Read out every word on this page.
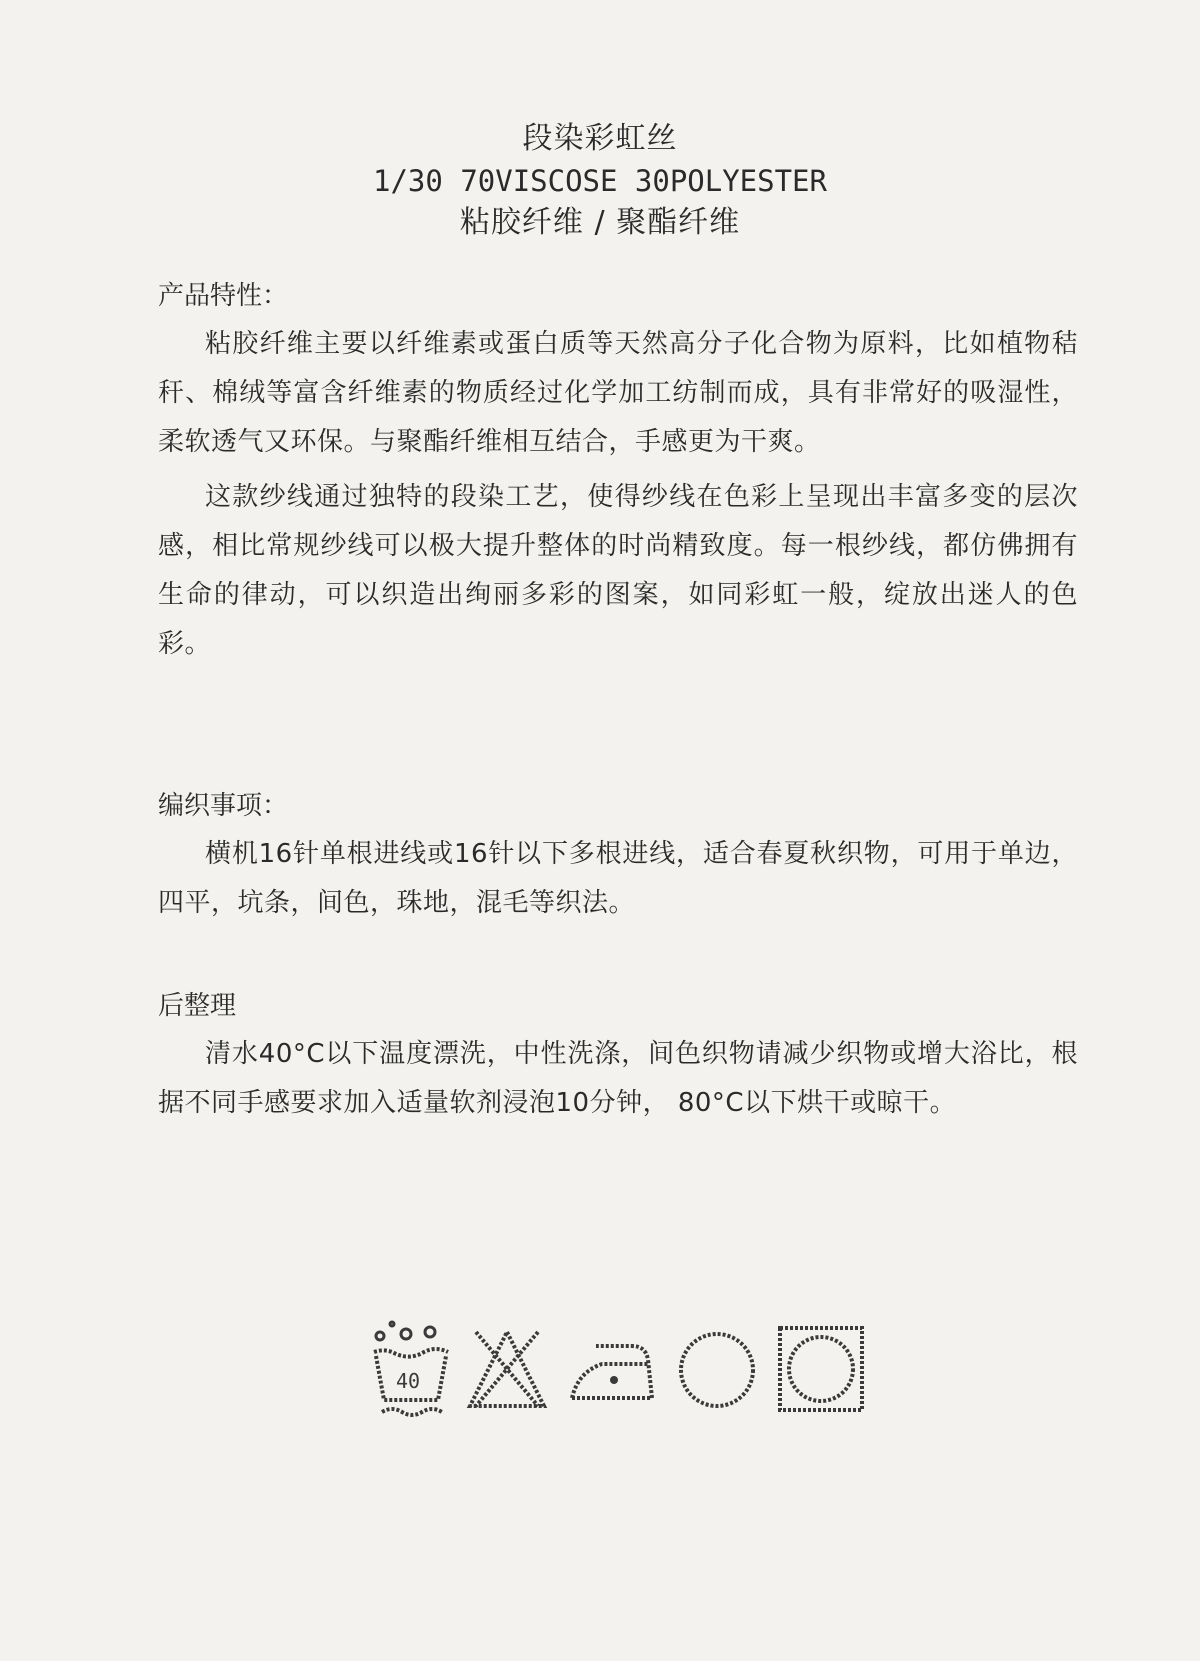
段染彩虹丝
1/30 70VISCOSE 30POLYESTER
粘胶纤维 / 聚酯纤维

产品特性：

粘胶纤维主要以纤维素或蛋白质等天然高分子化合物为原料，比如植物秸秆、棉绒等富含纤维素的物质经过化学加工纺制而成，具有非常好的吸湿性，柔软透气又环保。与聚酯纤维相互结合，手感更为干爽。

这款纱线通过独特的段染工艺，使得纱线在色彩上呈现出丰富多变的层次感，相比常规纱线可以极大提升整体的时尚精致度。每一根纱线，都仿佛拥有生命的律动，可以织造出绚丽多彩的图案，如同彩虹一般，绽放出迷人的色彩。

编织事项：

横机16针单根进线或16针以下多根进线，适合春夏秋织物，可用于单边，四平，坑条，间色，珠地，混毛等织法。

后整理

清水40°C以下温度漂洗，中性洗涤，间色织物请减少织物或增大浴比，根据不同手感要求加入适量软剂浸泡10分钟， 80°C以下烘干或晾干。

40
